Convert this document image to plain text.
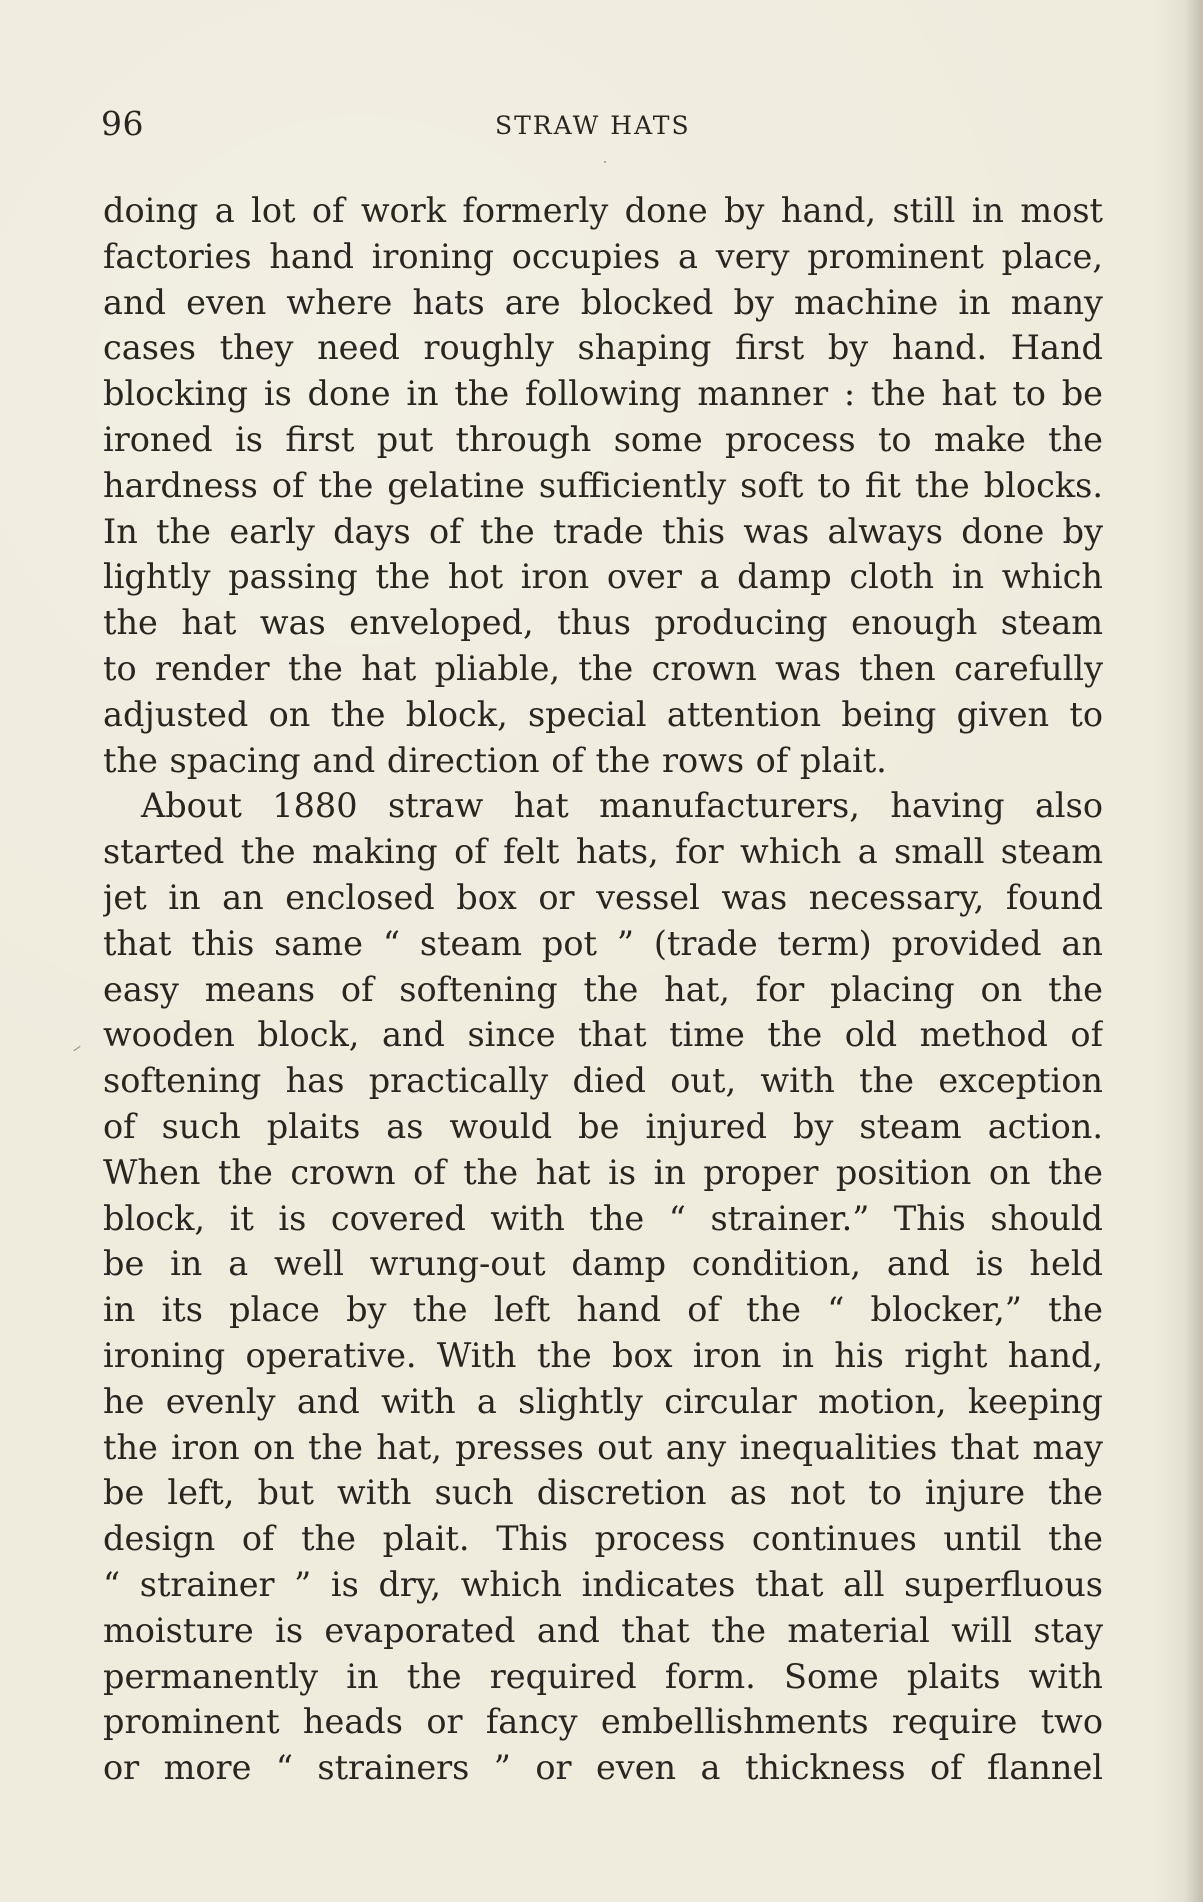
96	STRAW HATS
doing a lot of work formerly done by hand, still in most
factories hand ironing occupies a very prominent place,
and even where hats are blocked by machine in many
cases they need roughly shaping first by hand. Hand
blocking is done in the following manner : the hat to be
ironed is first put through some process to make the
hardness of the gelatine sufficiently soft to fit the blocks.
In the early days of the trade this was always done by
lightly passing the hot iron over a damp cloth in which
the hat was enveloped, thus producing enough steam
to render the hat pliable, the crown was then carefully
adjusted on the block, special attention being given to
the spacing and direction of the rows of plait.
About 1880 straw hat manufacturers, having also
started the making of felt hats, for which a small steam
jet in an enclosed box or vessel was necessary, found
that this same “ steam pot ” (trade term) provided an
easy means of softening the hat, for placing on the
wooden block, and since that time the old method of
softening has practically died out, with the exception
of such plaits as would be injured by steam action.
When the crown of the hat is in proper position on the
block, it is covered with the “ strainer.” This should
be in a well wrung-out damp condition, and is held
in its place by the left hand of the “ blocker,” the
ironing operative. With the box iron in his right hand,
he evenly and with a slightly circular motion, keeping
the iron on the hat, presses out any inequalities that may
be left, but with such discretion as not to injure the
design of the plait. This process continues until the
“ strainer ” is dry, which indicates that all superfluous
moisture is evaporated and that the material will stay
permanently in the required form. Some plaits with
prominent heads or fancy embellishments require two
or more “ strainers ” or even a thickness of flannel
